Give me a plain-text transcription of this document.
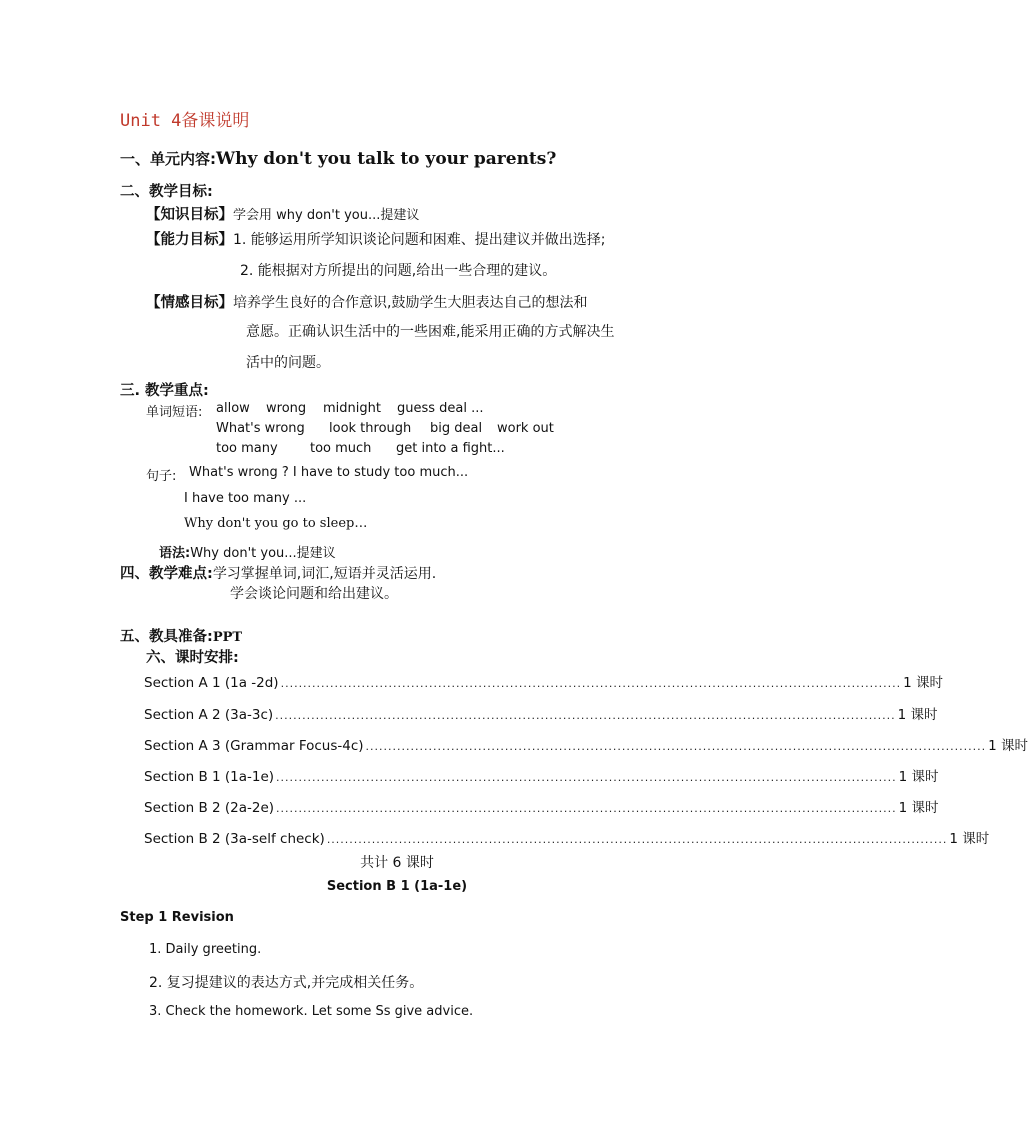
Unit 4备课说明
一、单元内容:Why don't you talk to your parents?
二、教学目标:
【知识目标】学会用 why don't you...提建议
【能力目标】1. 能够运用所学知识谈论问题和困难、提出建议并做出选择;
2. 能根据对方所提出的问题,给出一些合理的建议。
【情感目标】培养学生良好的合作意识,鼓励学生大胆表达自己的想法和
意愿。正确认识生活中的一些困难,能采用正确的方式解决生
活中的问题。
三. 教学重点:
单词短语: allow wrong midnight guess deal ...
What's wrong look through big deal work out
too many too much get into a fight...
句子: What's wrong ? I have to study too much...
I have too many ...
Why don't you go to sleep…
语法:Why don't you...提建议
四、教学难点:学习掌握单词,词汇,短语并灵活运用.
学会谈论问题和给出建议。
五、教具准备:PPT
六、课时安排:
Section A 1 (1a -2d) .......................................................................................................................................... 1 课时
Section A 2 (3a-3c) .......................................................................................................................................... 1 课时
Section A 3 (Grammar Focus-4c) .......................................................................................................................................... 1 课时
Section B 1 (1a-1e) .......................................................................................................................................... 1 课时
Section B 2 (2a-2e) .......................................................................................................................................... 1 课时
Section B 2 (3a-self check) .......................................................................................................................................... 1 课时
共计 6 课时
Section B 1 (1a-1e)
Step 1 Revision
1. Daily greeting.
2. 复习提建议的表达方式,并完成相关任务。
3. Check the homework. Let some Ss give advice.
